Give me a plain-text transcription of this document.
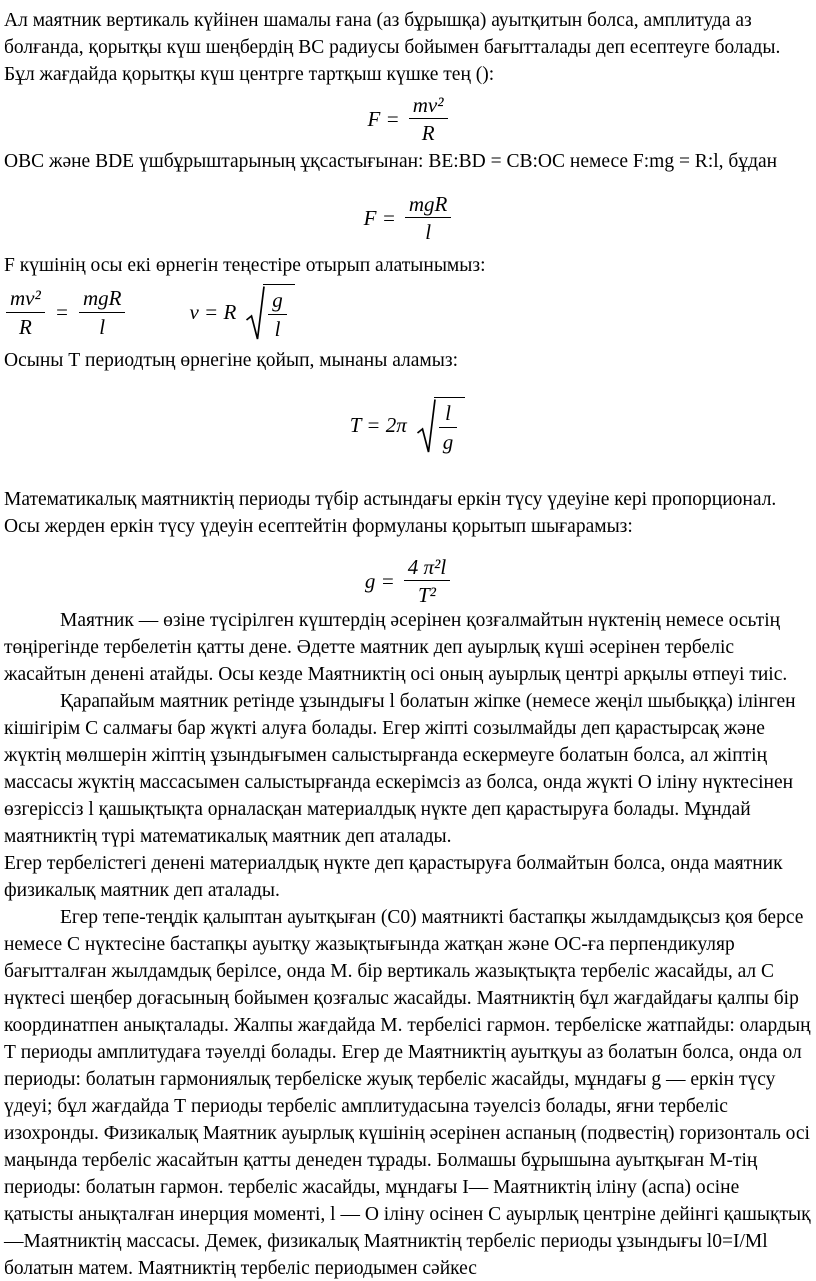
Ал маятник вертикаль күйінен шамалы ғана (аз бұрышқа) ауытқитын болса, амплитуда аз болғанда, қорытқы күш шеңбердің ВС радиусы бойымен бағытталады деп есептеуге болады. Бұл жағдайда қорытқы күш центрге тартқыш күшке тең ():

$F = \frac{\text{mv²}}{R}$

ОВС және BDE үшбұрыштарының ұқсастығынан: BE:BD = CB:OC немесе F:mg = R:l, бұдан

$F = \frac{\text{mgR}}{l}$

F күшінің осы екі өрнегін теңестіре отырып алатынымыз:

$\frac{\text{mv²}}{R} = \frac{\text{mgR}}{l}$	v = R $\frac{g}{l}$

Осыны Т периодтың өрнегіне қойып, мынаны аламыз:

$T = 2\pi \frac{l}{g}$

Математикалық маятниктің периоды түбір астындағы еркін түсу үдеуіне кері пропорционал. Осы жерден еркін түсу үдеуін есептейтін формуланы қорытып шығарамыз:

$g = \frac{\text{4 π²l}}{\text{T²}}$

Маятник — өзіне түсірілген күштердің әсерінен қозғалмайтын нүктенің немесе осьтің төңірегінде тербелетін қатты дене. Әдетте маятник деп ауырлық күші әсерінен тербеліс жасайтын денені атайды. Осы кезде Маятниктің осі оның ауырлық центрі арқылы өтпеуі тиіс.

Қарапайым маятник ретінде ұзындығы l болатын жіпке (немесе жеңіл шыбыққа) ілінген кішігірім С салмағы бар жүкті алуға болады. Егер жіпті созылмайды деп қарастырсақ және жүктің мөлшерін жіптің ұзындығымен салыстырғанда ескермеуге болатын болса, ал жіптің массасы жүктің массасымен салыстырғанда ескерімсіз аз болса, онда жүкті О іліну нүктесінен өзгеріссіз l қашықтықта орналасқан материалдық нүкте деп қарастыруға болады. Мұндай маятниктің түрі математикалық маятник деп аталады.

Егер тербелістегі денені материалдық нүкте деп қарастыруға болмайтын болса, онда маятник физикалық маятник деп аталады.

Егер тепе-теңдік қалыптан ауытқыған (С0) маятникті бастапқы жылдамдықсыз қоя берсе немесе С нүктесіне бастапқы ауытқу жазықтығында жатқан және ОС-ға перпендикуляр бағытталған жылдамдық берілсе, онда М. бір вертикаль жазықтықта тербеліс жасайды, ал С нүктесі шеңбер доғасының бойымен қозғалыс жасайды. Маятниктің бұл жағдайдағы қалпы бір координатпен анықталады. Жалпы жағдайда М. тербелісі гармон. тербеліске жатпайды: олардың Т периоды амплитудаға тәуелді болады. Егер де Маятниктің ауытқуы аз болатын болса, онда ол периоды: болатын гармониялық тербеліске жуық тербеліс жасайды, мұндағы g — еркін түсу үдеуі; бұл жағдайда Т периоды тербеліс амплитудасына тәуелсіз болады, яғни тербеліс изохронды. Физикалық Маятник ауырлық күшінің әсерінен аспаның (подвестің) горизонталь осі маңында тербеліс жасайтын қатты денеден тұрады. Болмашы бұрышына ауытқыған М-тің периоды: болатын гармон. тербеліс жасайды, мұндағы I— Маятниктің іліну (аспа) осіне қатысты анықталған инерция моменті, l — О іліну осінен С ауырлық центріне дейінгі қашықтық —Маятниктің массасы. Демек, физикалық Маятниктің тербеліс периоды ұзындығы l0=I/Ml болатын матем. Маятниктің тербеліс периодымен сәйкес
